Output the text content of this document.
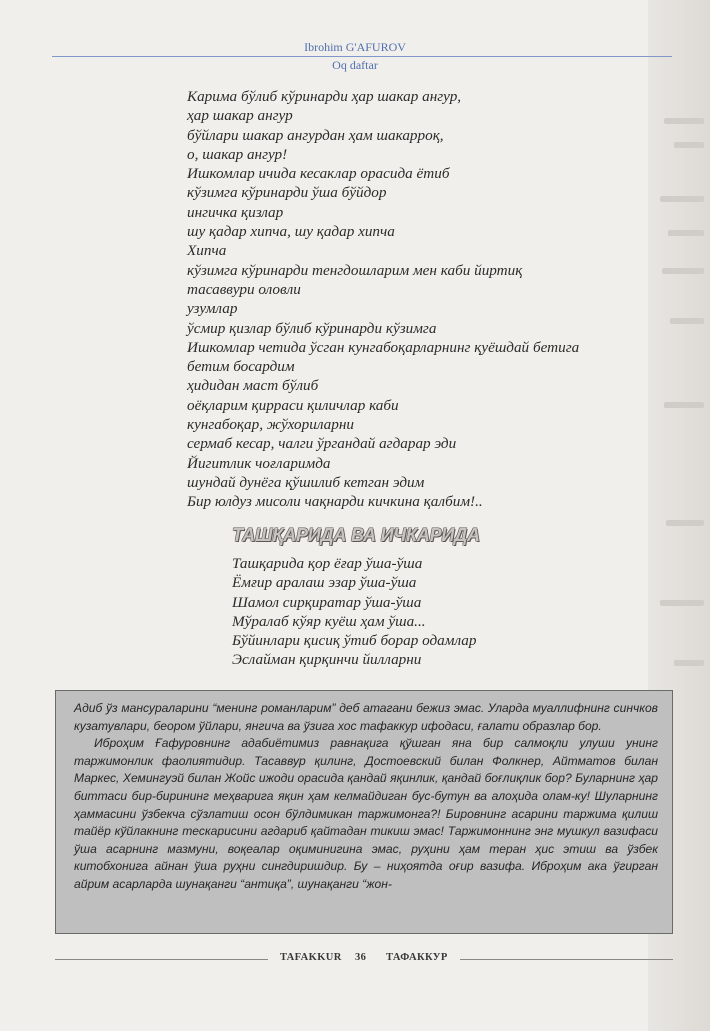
Ibrohim G'AFUROV
Oq daftar
Карима бўлиб кўринарди ҳар шакар ангур,
ҳар шакар ангур
бўйлари шакар ангурдан ҳам шакарроқ,
о, шакар ангур!
Ишкомлар ичида кесаклар орасида ётиб
кўзимга кўринарди ўша бўйдор
ингичка қизлар
шу қадар хипча, шу қадар хипча
Хипча
кўзимга кўринарди тенгдошларим мен каби йиртиқ
тасаввури оловли
узумлар
ўсмир қизлар бўлиб кўринарди кўзимга
Ишкомлар четида ўсган кунгабоқарларнинг қуёшдай бетига
бетим босардим
ҳидидан маст бўлиб
оёқларим қирраси қиличлар каби
кунгабоқар, жўхориларни
сермаб кесар, чалги ўргандай агдарар эди
Йигитлик чоғларимда
шундай дунёга қўшилиб кетган эдим
Бир юлдуз мисоли чақнарди кичкина қалбим!..
ТАШҚАРИДА ВА ИЧКАРИДА
Ташқарида қор ёғар ўша-ўша
Ёмғир аралаш эзар ўша-ўша
Шамол сирқиратар ўша-ўша
Мўралаб кўяр куёш ҳам ўша...
Бўйинлари қисиқ ўтиб борар одамлар
Эслайман қирқинчи йилларни

Адиб ўз мансураларини “менинг романларим” деб атагани бежиз эмас. Уларда муаллифнинг синчков кузатувлари, беором ўйлари, янгича ва ўзига хос тафаккур ифодаси, ғалати образлар бор.

Иброҳим Ғафуровнинг адабиётимиз равнақига қўшган яна бир салмоқли улуши унинг таржимонлик фаолиятидир. Тасаввур қилинг, Достоевский билан Фолкнер, Айтматов билан Маркес, Хемингуэй билан Жойс ижоди орасида қандай яқинлик, қандай боғлиқлик бор? Буларнинг ҳар биттаси бир-бирининг меҳварига яқин ҳам келмайдиган бус-бутун ва алоҳида олам-ку! Шуларнинг ҳаммасини ўзбекча сўзлатиш осон бўлдимикан таржимонга?! Бировнинг асарини таржима қилиш тайёр кўйлакнинг тескарисини агдариб қайтадан тикиш эмас! Таржимоннинг энг мушкул вазифаси ўша асарнинг мазмуни, воқеалар оқиминигина эмас, руҳини ҳам теран ҳис этиш ва ўзбек китобхонига айнан ўша руҳни сингдиришдир. Бу – ниҳоятда оғир вазифа. Иброҳим ака ўгирган айрим асарларда шунақанги “антиқа”, шунақанги “жон-

TAFAKKUR 36 ТАФАККУР
